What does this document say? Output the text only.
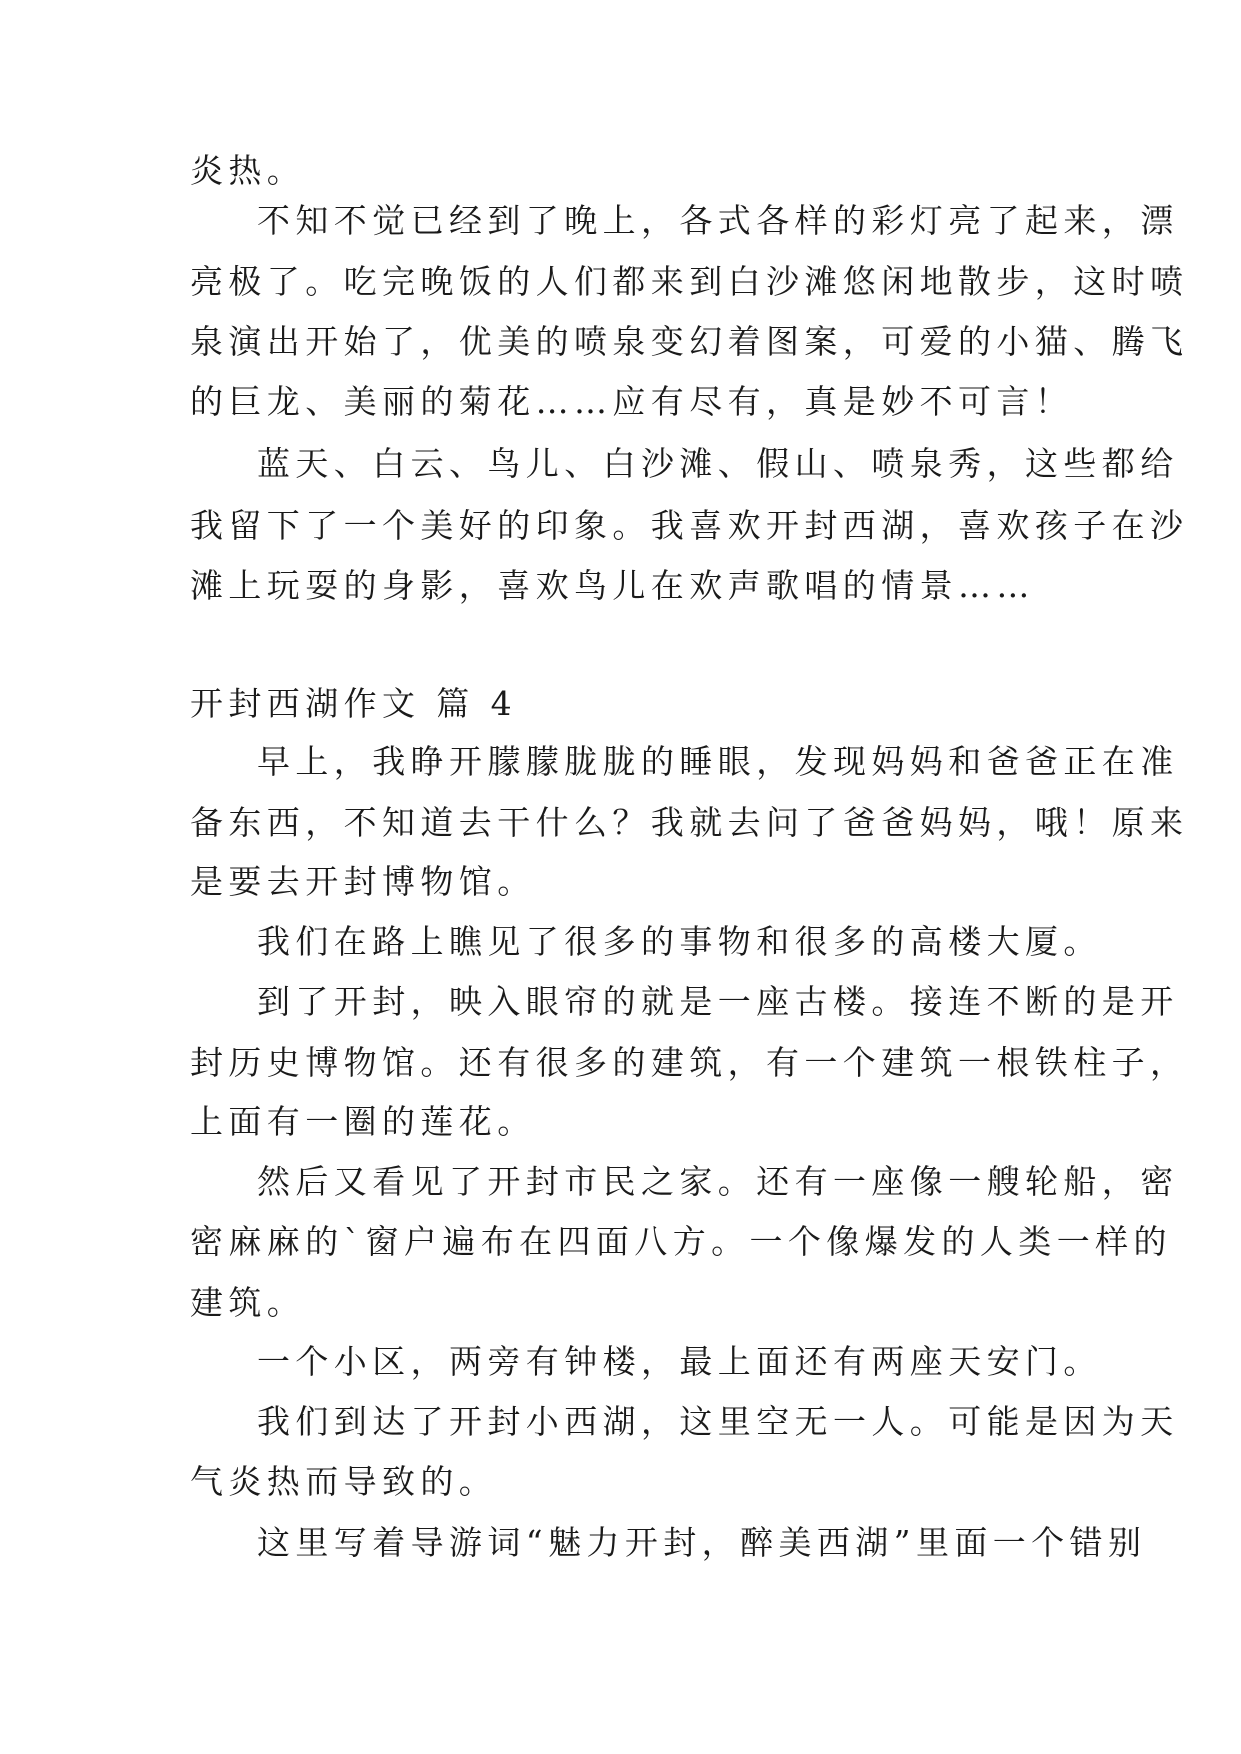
炎热。
不知不觉已经到了晚上，各式各样的彩灯亮了起来，漂
亮极了。吃完晚饭的人们都来到白沙滩悠闲地散步，这时喷
泉演出开始了，优美的喷泉变幻着图案，可爱的小猫、腾飞
的巨龙、美丽的菊花……应有尽有，真是妙不可言！
蓝天、白云、鸟儿、白沙滩、假山、喷泉秀，这些都给
我留下了一个美好的印象。我喜欢开封西湖，喜欢孩子在沙
滩上玩耍的身影，喜欢鸟儿在欢声歌唱的情景……
开封西湖作文 篇 4
早上，我睁开朦朦胧胧的睡眼，发现妈妈和爸爸正在准
备东西，不知道去干什么？我就去问了爸爸妈妈，哦！原来
是要去开封博物馆。
我们在路上瞧见了很多的事物和很多的高楼大厦。
到了开封，映入眼帘的就是一座古楼。接连不断的是开
封历史博物馆。还有很多的建筑，有一个建筑一根铁柱子，
上面有一圈的莲花。
然后又看见了开封市民之家。还有一座像一艘轮船，密
密麻麻的`窗户遍布在四面八方。一个像爆发的人类一样的
建筑。
一个小区，两旁有钟楼，最上面还有两座天安门。
我们到达了开封小西湖，这里空无一人。可能是因为天
气炎热而导致的。
这里写着导游词“魅力开封，醉美西湖”里面一个错别
